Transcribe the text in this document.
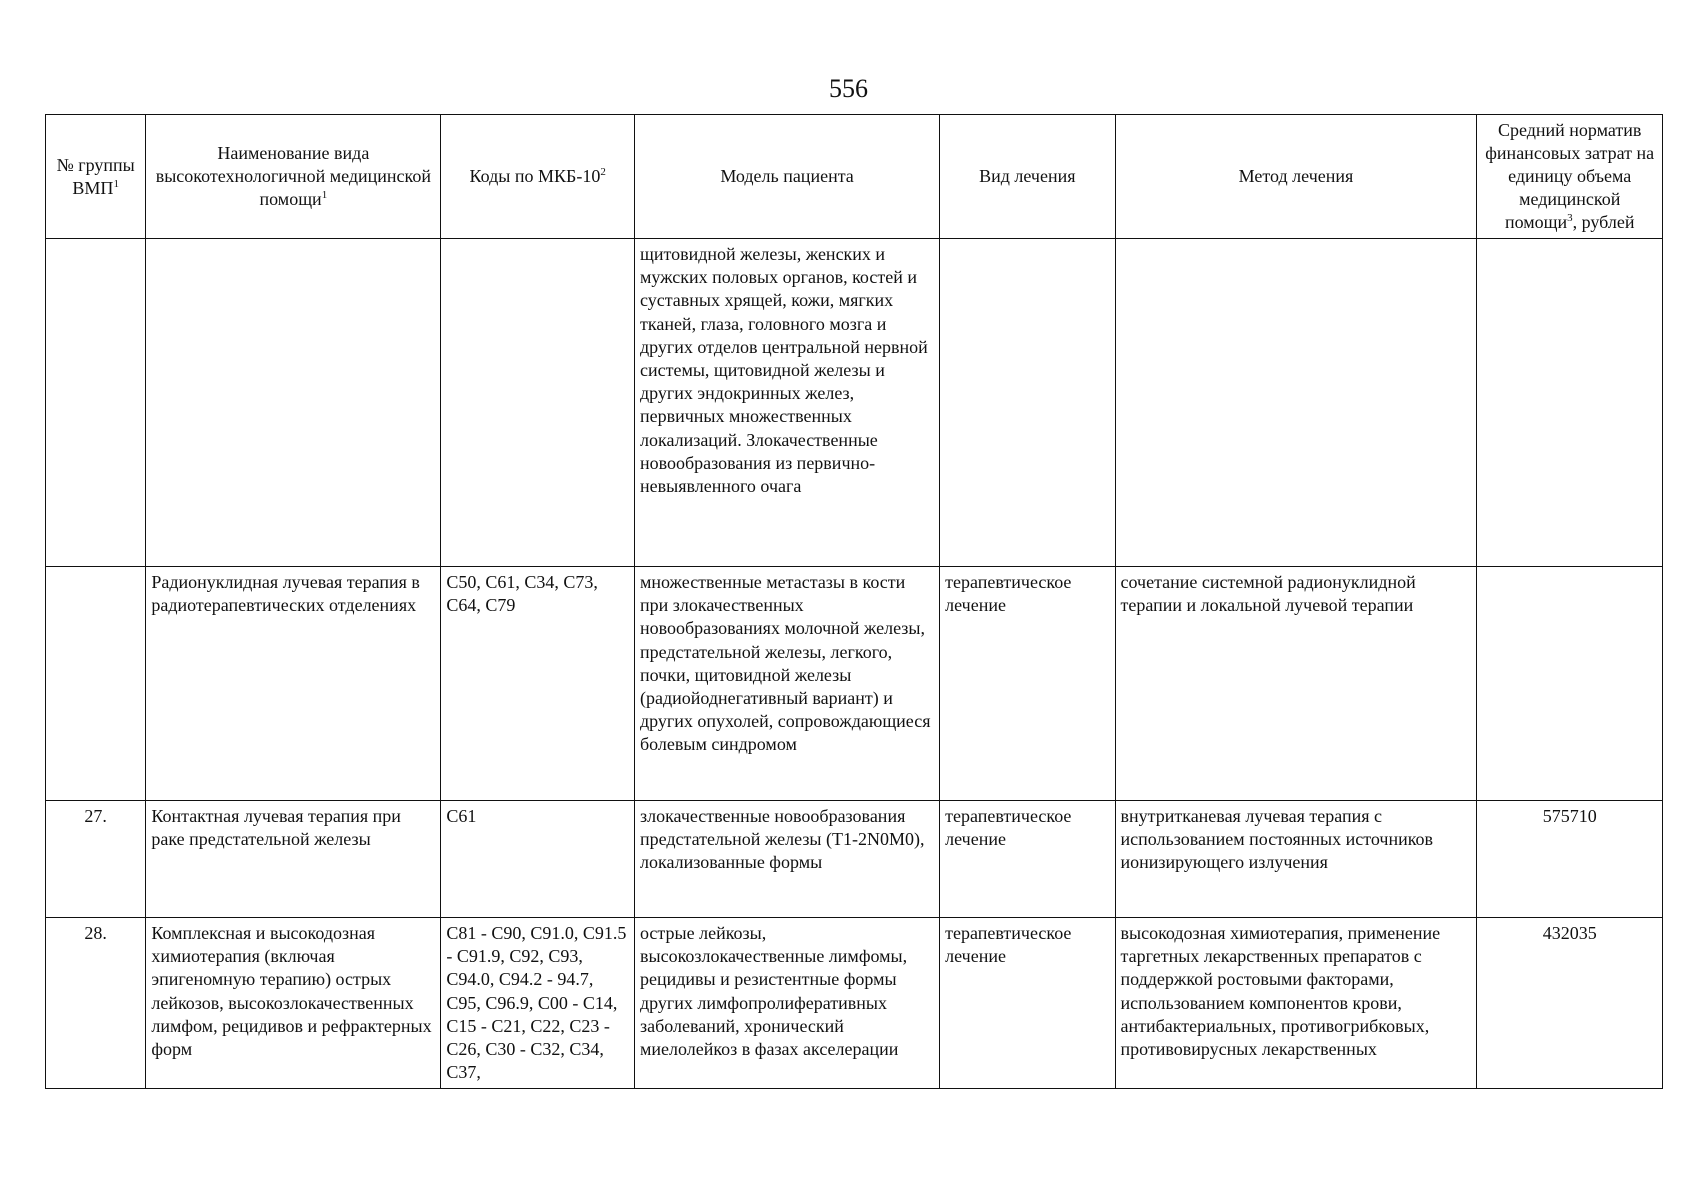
556
№ группы ВМП$^1$	Наименование вида высокотехнологичной медицинской помощи$^1$	Коды по МКБ-$10^2$	Модель пациента	Вид лечения	Метод лечения	Средний норматив финансовых затрат на единицу объема медицинской помощи$^3$, рублей
			щитовидной железы, женских и мужских половых органов, костей и суставных хрящей, кожи, мягких тканей, глаза, головного мозга и других отделов центральной нервной системы, щитовидной железы и других эндокринных желез, первичных множественных локализаций. Злокачественные новообразования из первично-невыявленного очага			
	Радионуклидная лучевая терапия в радиотерапевтических отделениях	C50, C61, C34, C73, C64, C79	множественные метастазы в кости при злокачественных новообразованиях молочной железы, предстательной железы, легкого, почки, щитовидной железы (радиойоднегативный вариант) и других опухолей, сопровождающиеся болевым синдромом	терапевтическое лечение	сочетание системной радионуклидной терапии и локальной лучевой терапии	
27.	Контактная лучевая терапия при раке предстательной железы	C61	злокачественные новообразования предстательной железы (T1-2N0M0), локализованные формы	терапевтическое лечение	внутритканевая лучевая терапия с использованием постоянных источников ионизирующего излучения	575710
28.	Комплексная и высокодозная химиотерапия (включая эпигеномную терапию) острых лейкозов, высокозлокачественных лимфом, рецидивов и рефрактерных форм	C81 - C90, C91.0, C91.5 - C91.9, C92, C93, C94.0, C94.2 - 94.7, C95, C96.9, C00 - C14, C15 - C21, C22, C23 - C26, C30 - C32, C34, C37,	острые лейкозы, высокозлокачественные лимфомы, рецидивы и резистентные формы других лимфопролиферативных заболеваний, хронический миелолейкоз в фазах акселерации	терапевтическое лечение	высокодозная химиотерапия, применение таргетных лекарственных препаратов с поддержкой ростовыми факторами, использованием компонентов крови, антибактериальных, противогрибковых, противовирусных лекарственных	432035
